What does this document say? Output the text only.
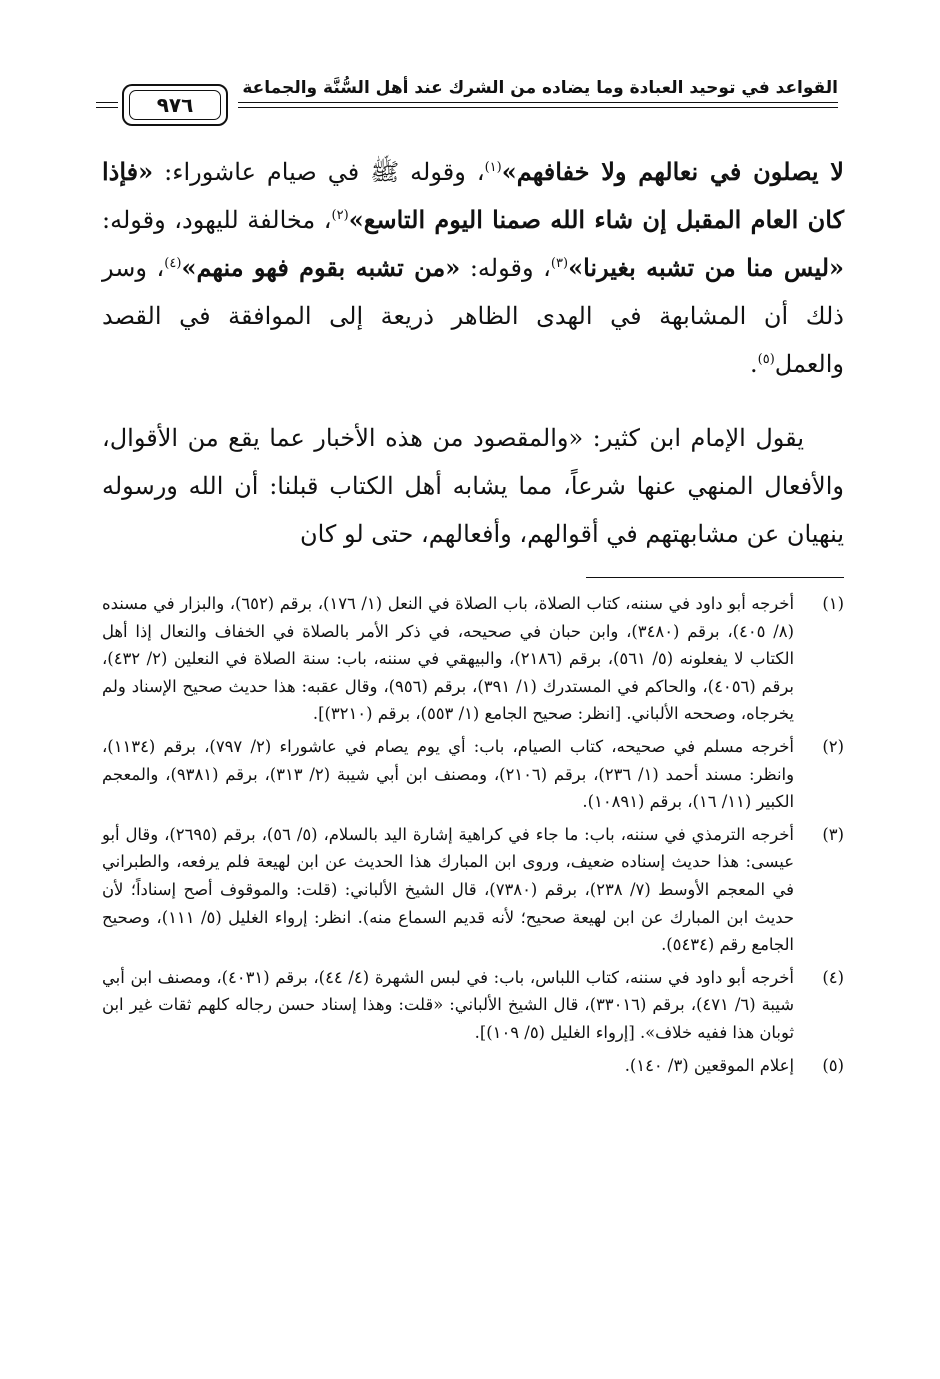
القواعد في توحيد العبادة وما يضاده من الشرك عند أهل السُّنَّة والجماعة
٩٧٦

لا يصلون في نعالهم ولا خفافهم»$^{(١)}$، وقوله ﷺ في صيام عاشوراء: «فإذا كان العام المقبل إن شاء الله صمنا اليوم التاسع»$^{(٢)}$، مخالفة لليهود، وقوله: «ليس منا من تشبه بغيرنا»$^{(٣)}$، وقوله: «من تشبه بقوم فهو منهم»$^{(٤)}$، وسر ذلك أن المشابهة في الهدى الظاهر ذريعة إلى الموافقة في القصد والعمل$^{(٥)}$.

يقول الإمام ابن كثير: «والمقصود من هذه الأخبار عما يقع من الأقوال، والأفعال المنهي عنها شرعاً، مما يشابه أهل الكتاب قبلنا: أن الله ورسوله ينهيان عن مشابهتهم في أقوالهم، وأفعالهم، حتى لو كان

(١)
أخرجه أبو داود في سننه، كتاب الصلاة، باب الصلاة في النعل (١/ ١٧٦)، برقم (٦٥٢)، والبزار في مسنده (٨/ ٤٠٥)، برقم (٣٤٨٠)، وابن حبان في صحيحه، في ذكر الأمر بالصلاة في الخفاف والنعال إذا أهل الكتاب لا يفعلونه (٥/ ٥٦١)، برقم (٢١٨٦)، والبيهقي في سننه، باب: سنة الصلاة في النعلين (٢/ ٤٣٢)، برقم (٤٠٥٦)، والحاكم في المستدرك (١/ ٣٩١)، برقم (٩٥٦)، وقال عقبه: هذا حديث صحيح الإسناد ولم يخرجاه، وصححه الألباني. [انظر: صحيح الجامع (١/ ٥٥٣)، برقم (٣٢١٠)].
(٢)
أخرجه مسلم في صحيحه، كتاب الصيام، باب: أي يوم يصام في عاشوراء (٢/ ٧٩٧)، برقم (١١٣٤)، وانظر: مسند أحمد (١/ ٢٣٦)، برقم (٢١٠٦)، ومصنف ابن أبي شيبة (٢/ ٣١٣)، برقم (٩٣٨١)، والمعجم الكبير (١١/ ١٦)، برقم (١٠٨٩١).
(٣)
أخرجه الترمذي في سننه، باب: ما جاء في كراهية إشارة اليد بالسلام، (٥/ ٥٦)، برقم (٢٦٩٥)، وقال أبو عيسى: هذا حديث إسناده ضعيف، وروى ابن المبارك هذا الحديث عن ابن لهيعة فلم يرفعه، والطبراني في المعجم الأوسط (٧/ ٢٣٨)، برقم (٧٣٨٠)، قال الشيخ الألباني: (قلت: والموقوف أصح إسناداً؛ لأن حديث ابن المبارك عن ابن لهيعة صحيح؛ لأنه قديم السماع منه). انظر: إرواء الغليل (٥/ ١١١)، وصحيح الجامع رقم (٥٤٣٤).
(٤)
أخرجه أبو داود في سننه، كتاب اللباس، باب: في لبس الشهرة (٤/ ٤٤)، برقم (٤٠٣١)، ومصنف ابن أبي شيبة (٦/ ٤٧١)، برقم (٣٣٠١٦)، قال الشيخ الألباني: «قلت: وهذا إسناد حسن رجاله كلهم ثقات غير ابن ثوبان هذا ففيه خلاف». [إرواء الغليل (٥/ ١٠٩)].
(٥)
إعلام الموقعين (٣/ ١٤٠).
